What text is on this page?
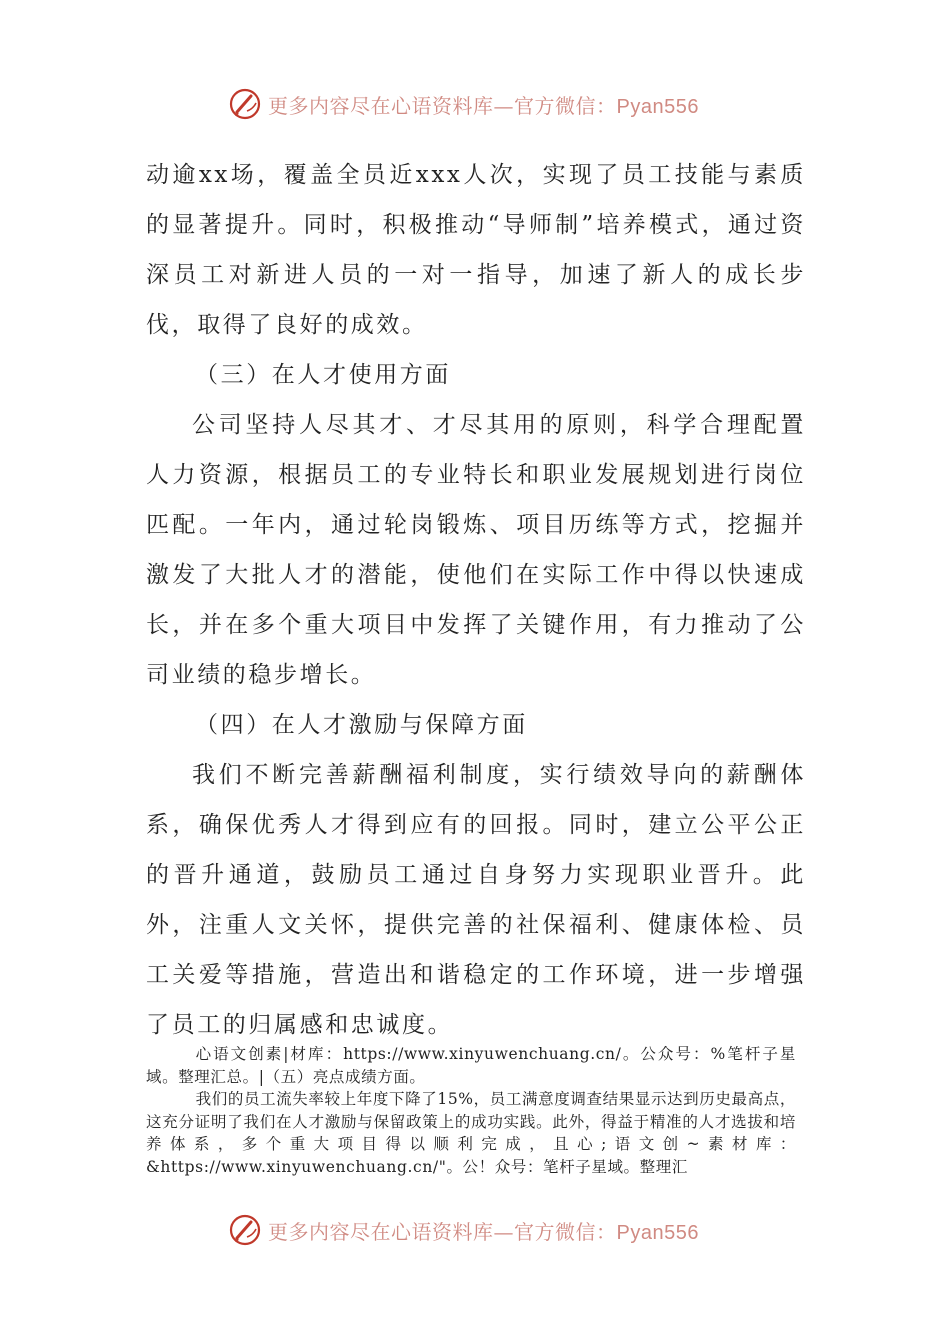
更多内容尽在心语资料库—官方微信：Pyan556

动逾xx场，覆盖全员近xxx人次，实现了员工技能与素质的显著提升。同时，积极推动“导师制”培养模式，通过资深员工对新进人员的一对一指导，加速了新人的成长步伐，取得了良好的成效。

（三）在人才使用方面

公司坚持人尽其才、才尽其用的原则，科学合理配置人力资源，根据员工的专业特长和职业发展规划进行岗位匹配。一年内，通过轮岗锻炼、项目历练等方式，挖掘并激发了大批人才的潜能，使他们在实际工作中得以快速成长，并在多个重大项目中发挥了关键作用，有力推动了公司业绩的稳步增长。

（四）在人才激励与保障方面

我们不断完善薪酬福利制度，实行绩效导向的薪酬体系，确保优秀人才得到应有的回报。同时，建立公平公正的晋升通道，鼓励员工通过自身努力实现职业晋升。此外，注重人文关怀，提供完善的社保福利、健康体检、员工关爱等措施，营造出和谐稳定的工作环境，进一步增强了员工的归属感和忠诚度。

心语文创素|材库：https://www.xinyuwenchuang.cn/。公众号：%笔杆子星域。整理汇总。|（五）亮点成绩方面。

我们的员工流失率较上年度下降了15%，员工满意度调查结果显示达到历史最高点，这充分证明了我们在人才激励与保留政策上的成功实践。此外，得益于精准的人才选拔和培养体系，多个重大项目得以顺利完成，且心;语文创~素材库：&https://www.xinyuwenchuang.cn/"。公！众号：笔杆子星域。整理汇

更多内容尽在心语资料库—官方微信：Pyan556
